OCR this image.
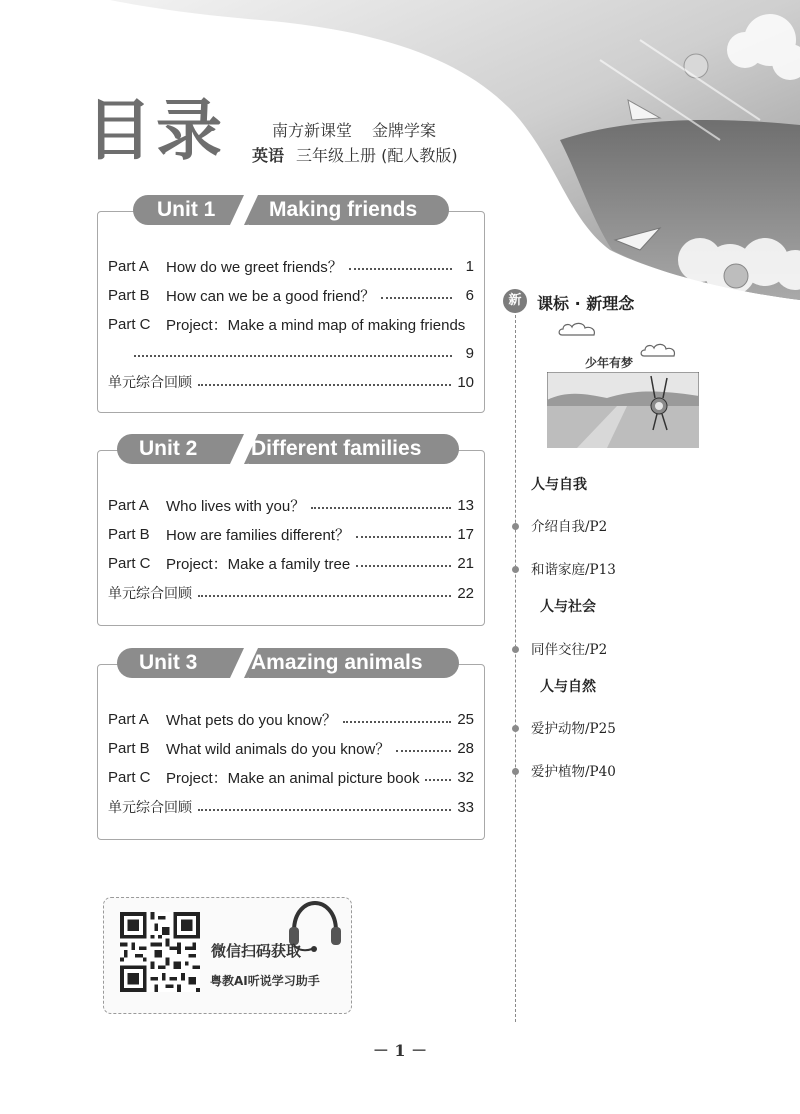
目录	南方新课堂 金牌学案
英语 三年级上册 (配人教版)
Unit 1	Making friends
Part A	How do we greet friends？	1
Part B	How can we be a good friend？	6
Part C	Project：Make a mind map of making friends
9
单元综合回顾	10
Unit 2	Different families
Part A	Who lives with you？	13
Part B	How are families different？	17
Part C	Project：Make a family tree	21
单元综合回顾	22
Unit 3	Amazing animals
Part A	What pets do you know？	25
Part B	What wild animals do you know？	28
Part C	Project：Make an animal picture book	32
单元综合回顾	33
新 课标 · 新理念
少年有梦
人与自我
介绍自我/P2
和谐家庭/P13
人与社会
同伴交往/P2
人与自然
爱护动物/P25
爱护植物/P40
微信扫码获取
粤教AI听说学习助手
－ 1 －
